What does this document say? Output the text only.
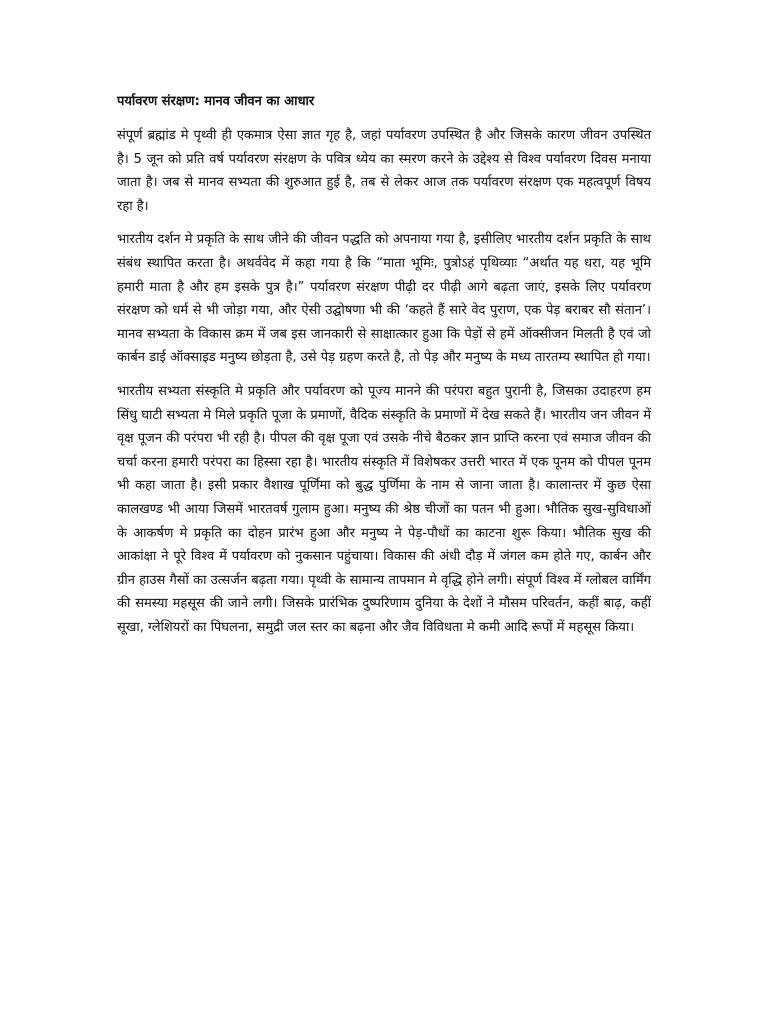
पर्यावरण संरक्षण: मानव जीवन का आधार

संपूर्ण ब्रह्मांड मे पृथ्वी ही एकमात्र ऐसा ज्ञात गृह है, जहां पर्यावरण उपस्थित है और जिसके कारण जीवन उपस्थित है। 5 जून को प्रति वर्ष पर्यावरण संरक्षण के पवित्र ध्येय का स्मरण करने के उद्देश्य से विश्व पर्यावरण दिवस मनाया जाता है। जब से मानव सभ्यता की शुरुआत हुई है, तब से लेकर आज तक पर्यावरण संरक्षण एक महत्वपूर्ण विषय रहा है।

भारतीय दर्शन मे प्रकृति के साथ जीने की जीवन पद्धति को अपनाया गया है, इसीलिए भारतीय दर्शन प्रकृति के साथ संबंध स्थापित करता है। अथर्ववेद में कहा गया है कि “माता भूमिः, पुत्रोऽहं पृथिव्याः “अर्थात यह धरा, यह भूमि हमारी माता है और हम इसके पुत्र है।” पर्यावरण संरक्षण पीढ़ी दर पीढ़ी आगे बढ़ता जाएं, इसके लिए पर्यावरण संरक्षण को धर्म से भी जोड़ा गया, और ऐसी उद्घोषणा भी की ‘कहते हैं सारे वेद पुराण, एक पेड़ बराबर सौ संतान’। मानव सभ्यता के विकास क्रम में जब इस जानकारी से साक्षात्कार हुआ कि पेड़ों से हमें ऑक्सीजन मिलती है एवं जो कार्बन डाई ऑक्साइड मनुष्य छोड़ता है, उसे पेड़ ग्रहण करते है, तो पेड़ और मनुष्य के मध्य तारतम्य स्थापित हो गया।

भारतीय सभ्यता संस्कृति मे प्रकृति और पर्यावरण को पूज्य मानने की परंपरा बहुत पुरानी है, जिसका उदाहरण हम सिंधु घाटी सभ्यता मे मिले प्रकृति पूजा के प्रमाणों, वैदिक संस्कृति के प्रमाणों में देख सकते हैं। भारतीय जन जीवन में वृक्ष पूजन की परंपरा भी रही है। पीपल की वृक्ष पूजा एवं उसके नीचे बैठकर ज्ञान प्राप्ति करना एवं समाज जीवन की चर्चा करना हमारी परंपरा का हिस्सा रहा है। भारतीय संस्कृति में विशेषकर उत्तरी भारत में एक पूनम को पीपल पूनम भी कहा जाता है। इसी प्रकार वैशाख पूर्णिमा को बुद्ध पुर्णिमा के नाम से जाना जाता है। कालान्तर में कुछ ऐसा कालखण्ड भी आया जिसमें भारतवर्ष गुलाम हुआ। मनुष्य की श्रेष्ठ चीजों का पतन भी हुआ। भौतिक सुख-सुविधाओं के आकर्षण मे प्रकृति का दोहन प्रारंभ हुआ और मनुष्य ने पेड़-पौधों का काटना शुरू किया। भौतिक सुख की आकांक्षा ने पूरे विश्व में पर्यावरण को नुकसान पहुंचाया। विकास की अंधी दौड़ में जंगल कम होते गए, कार्बन और ग्रीन हाउस गैसों का उत्सर्जन बढ़ता गया। पृथ्वी के सामान्य तापमान मे वृद्धि होने लगी। संपूर्ण विश्व में ग्लोबल वार्मिंग की समस्या महसूस की जाने लगी। जिसके प्रारंभिक दुष्परिणाम दुनिया के देशों ने मौसम परिवर्तन, कहीं बाढ़, कहीं सूखा, ग्लेशियरों का पिघलना, समुद्री जल स्तर का बढ़ना और जैव विविधता मे कमी आदि रूपों में महसूस किया।
